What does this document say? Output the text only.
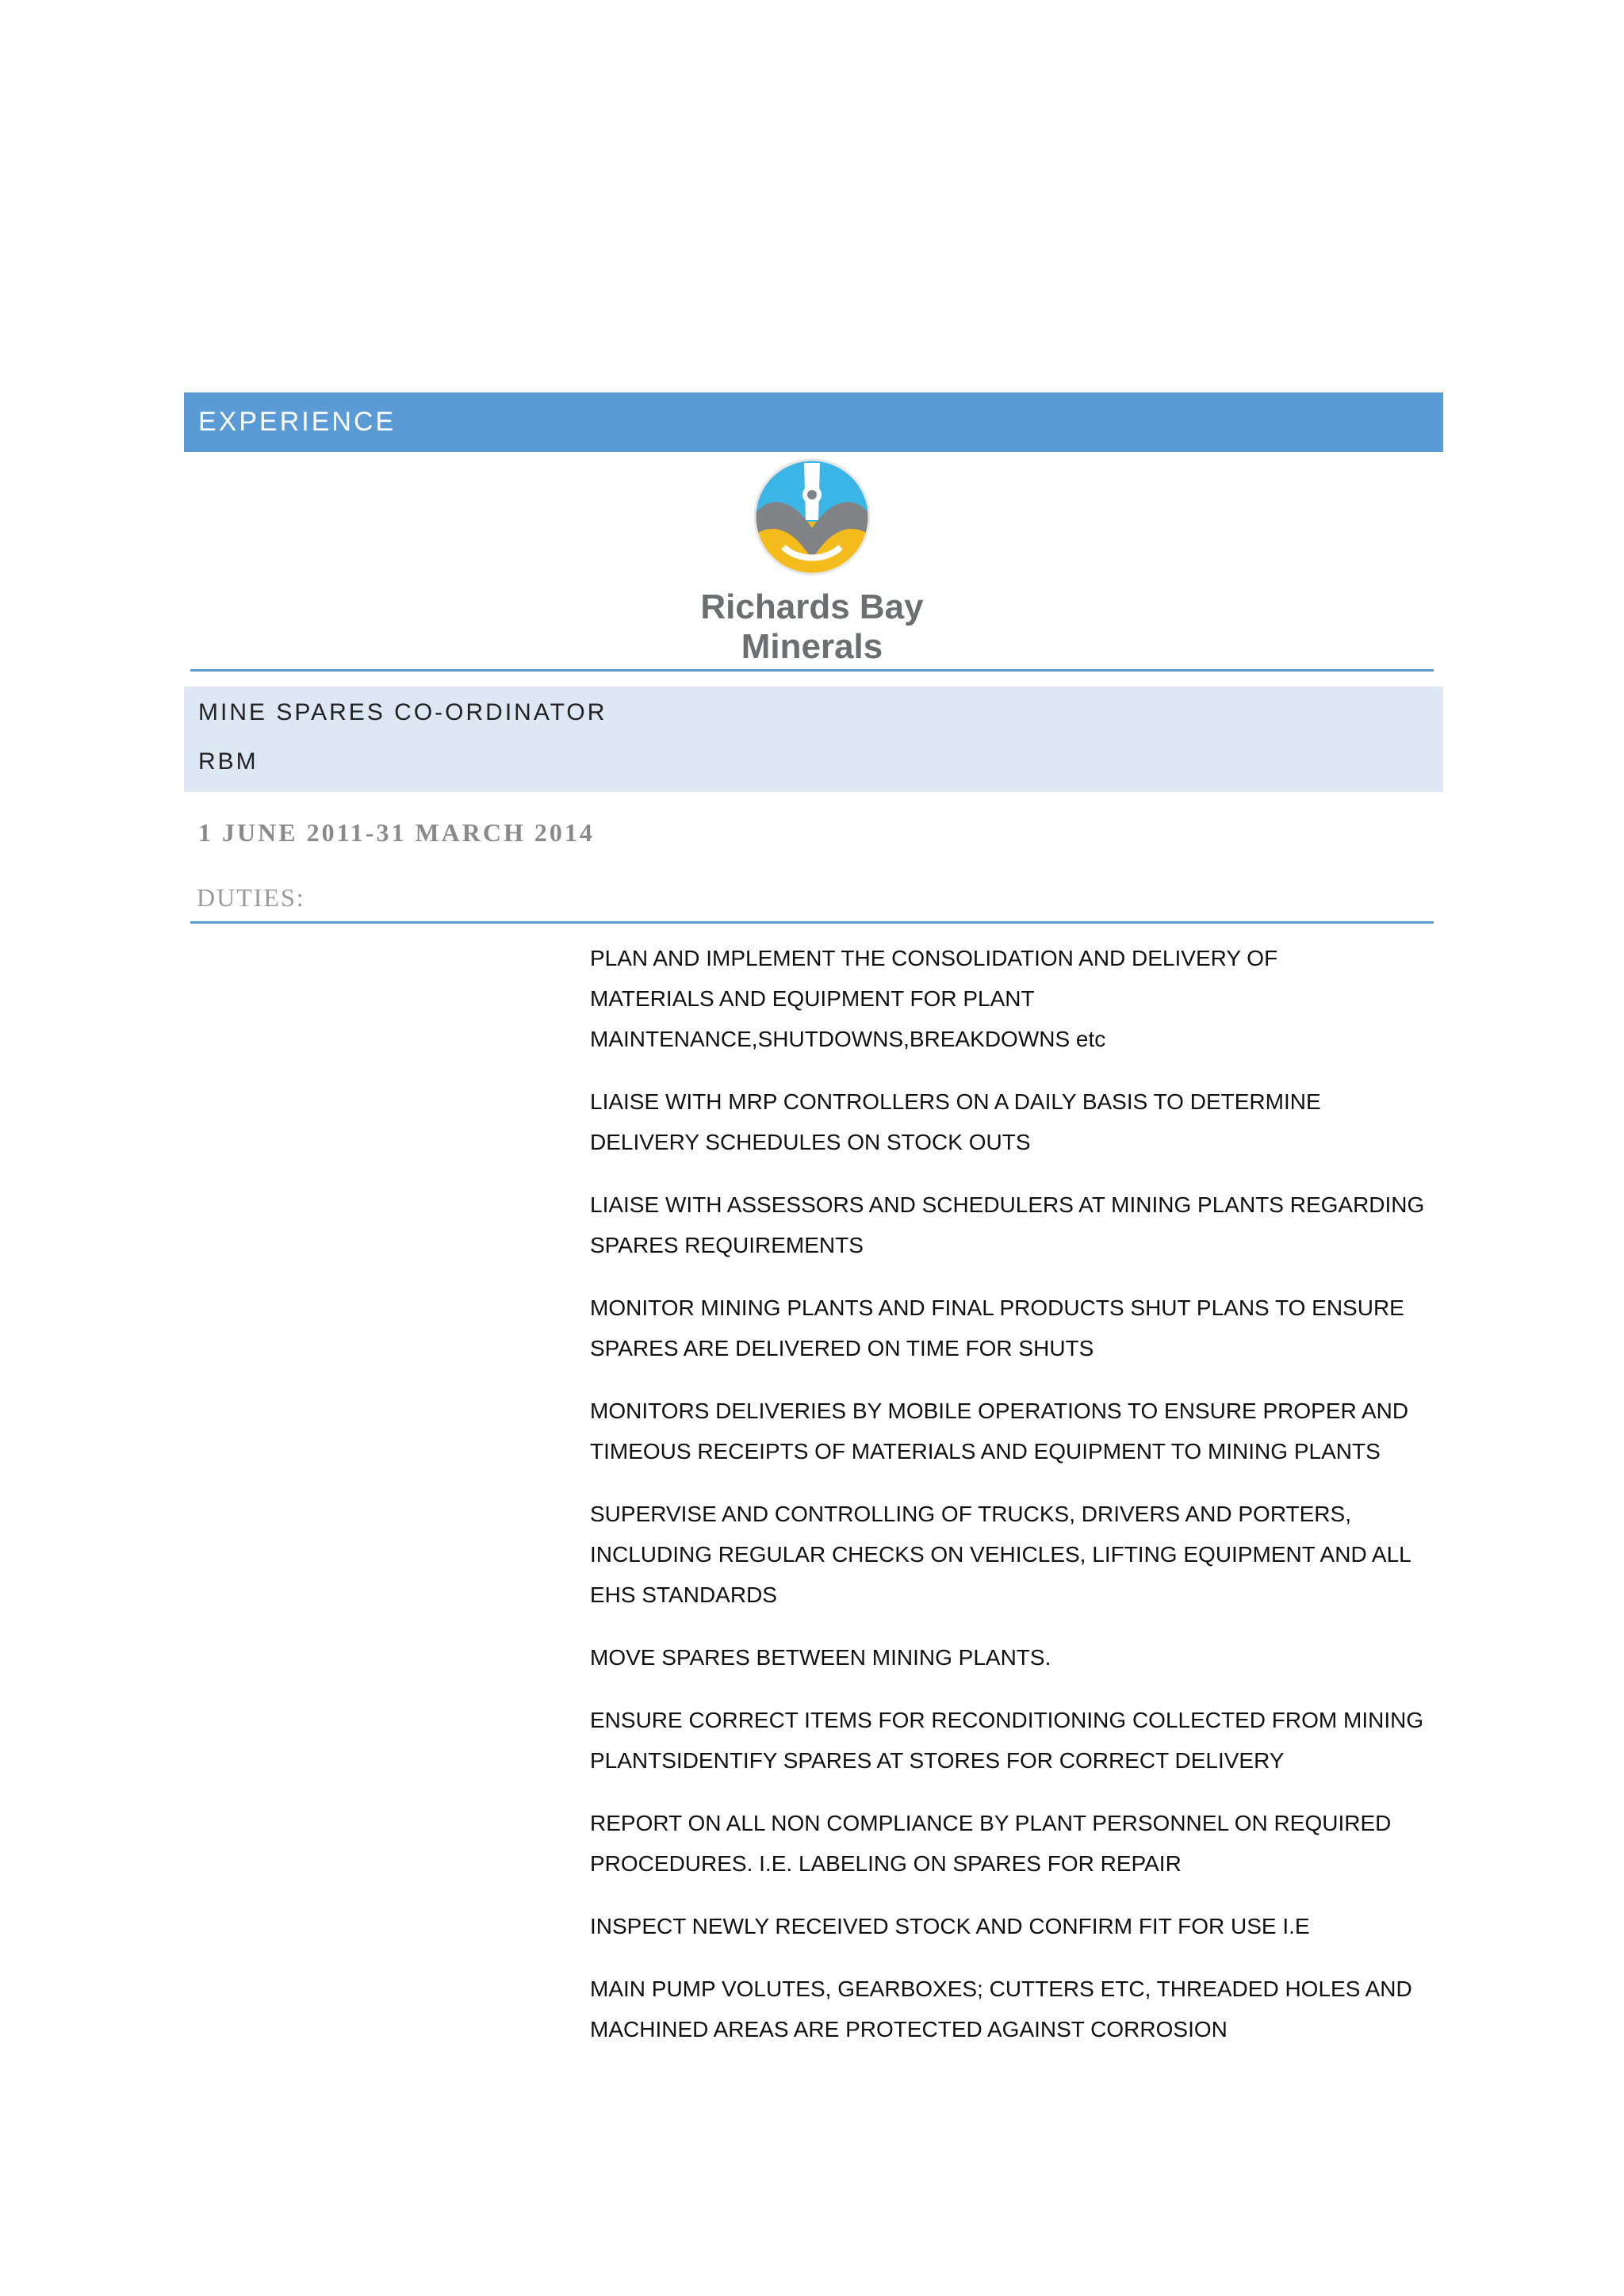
EXPERIENCE
Richards Bay
Minerals
MINE SPARES CO-ORDINATOR
RBM
1 JUNE 2011-31 MARCH 2014
DUTIES:
PLAN AND IMPLEMENT THE CONSOLIDATION AND DELIVERY OF
MATERIALS AND EQUIPMENT FOR PLANT
MAINTENANCE,SHUTDOWNS,BREAKDOWNS etc
LIAISE WITH MRP CONTROLLERS ON A DAILY BASIS TO DETERMINE
DELIVERY SCHEDULES ON STOCK OUTS
LIAISE WITH ASSESSORS AND SCHEDULERS AT MINING PLANTS REGARDING
SPARES REQUIREMENTS
MONITOR MINING PLANTS AND FINAL PRODUCTS SHUT PLANS TO ENSURE
SPARES ARE DELIVERED ON TIME FOR SHUTS
MONITORS DELIVERIES BY MOBILE OPERATIONS TO ENSURE PROPER AND
TIMEOUS RECEIPTS OF MATERIALS AND EQUIPMENT TO MINING PLANTS
SUPERVISE AND CONTROLLING OF TRUCKS, DRIVERS AND PORTERS,
INCLUDING REGULAR CHECKS ON VEHICLES, LIFTING EQUIPMENT AND ALL
EHS STANDARDS
MOVE SPARES BETWEEN MINING PLANTS.
ENSURE CORRECT ITEMS FOR RECONDITIONING COLLECTED FROM MINING
PLANTSIDENTIFY SPARES AT STORES FOR CORRECT DELIVERY
REPORT ON ALL NON COMPLIANCE BY PLANT PERSONNEL ON REQUIRED
PROCEDURES. I.E. LABELING ON SPARES FOR REPAIR
INSPECT NEWLY RECEIVED STOCK AND CONFIRM FIT FOR USE I.E
MAIN PUMP VOLUTES, GEARBOXES; CUTTERS ETC, THREADED HOLES AND
MACHINED AREAS ARE PROTECTED AGAINST CORROSION
